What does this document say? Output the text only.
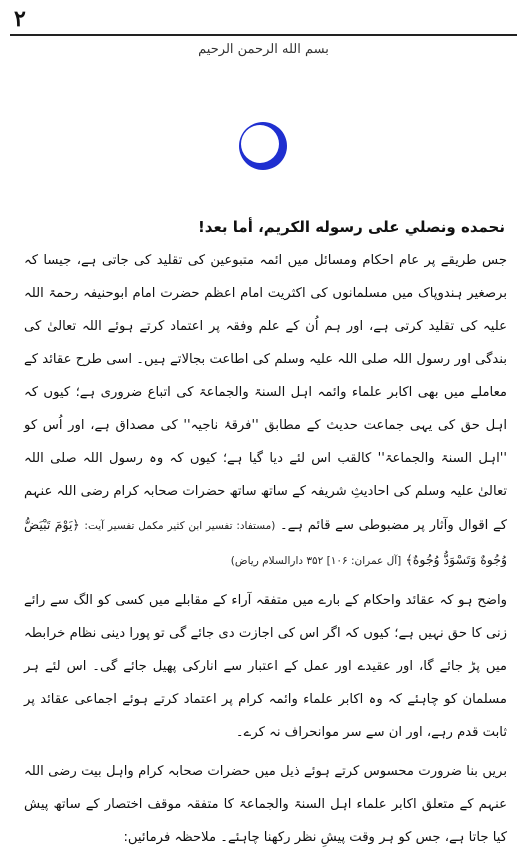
۲
بسم الله الرحمن الرحيم
نحمده ونصلي على رسوله الكريم، أما بعد!

جس طریقے پر عام احکام ومسائل میں ائمہ متبوعین کی تقلید کی جاتی ہے، جیسا کہ برصغیر ہندوپاک میں مسلمانوں کی اکثریت امام اعظم حضرت امام ابوحنیفہ رحمۃ اللہ علیہ کی تقلید کرتی ہے، اور ہم اُن کے علم وفقہ پر اعتماد کرتے ہوئے اللہ تعالیٰ کی بندگی اور رسول اللہ صلی اللہ علیہ وسلم کی اطاعت بجالاتے ہیں۔ اسی طرح عقائد کے معاملے میں بھی اکابر علماء وائمہ اہل السنۃ والجماعۃ کی اتباع ضروری ہے؛ کیوں کہ اہل حق کی یہی جماعت حدیث کے مطابق ''فرقۂ ناجیہ'' کی مصداق ہے، اور اُس کو ''اہل السنۃ والجماعۃ'' کالقب اس لئے دیا گیا ہے؛ کیوں کہ وہ رسول اللہ صلی اللہ تعالیٰ علیہ وسلم کی احادیثِ شریفہ کے ساتھ ساتھ حضرات صحابہ کرام رضی اللہ عنہم کے اقوال وآثار پر مضبوطی سے قائم ہے۔ (مستفاد: تفسیر ابن کثیر مکمل تفسیر آیت: ﴿يَوْمَ تَبْيَضُّ وُجُوهٌ وَتَسْوَدُّ وُجُوهٌ﴾ [آل عمران: ۱۰۶] ۳۵۲ دارالسلام ریاض)

واضح ہو کہ عقائد واحکام کے بارے میں متفقہ آراء کے مقابلے میں کسی کو الگ سے رائے زنی کا حق نہیں ہے؛ کیوں کہ اگر اس کی اجازت دی جائے گی تو پورا دینی نظام خرابطہ میں پڑ جائے گا، اور عقیدے اور عمل کے اعتبار سے انارکی پھیل جائے گی۔ اس لئے ہر مسلمان کو چاہئے کہ وہ اکابر علماء وائمہ کرام پر اعتماد کرتے ہوئے اجماعی عقائد پر ثابت قدم رہے، اور ان سے سر موانحراف نہ کرے۔

بریں بنا ضرورت محسوس کرتے ہوئے ذیل میں حضرات صحابہ کرام واہل بیت رضی اللہ عنہم کے متعلق اکابر علماء اہل السنۃ والجماعۃ کا متفقہ موقف اختصار کے ساتھ پیش کیا جاتا ہے، جس کو ہر وقت پیشِ نظر رکھنا چاہئے۔ ملاحظہ فرمائیں:
